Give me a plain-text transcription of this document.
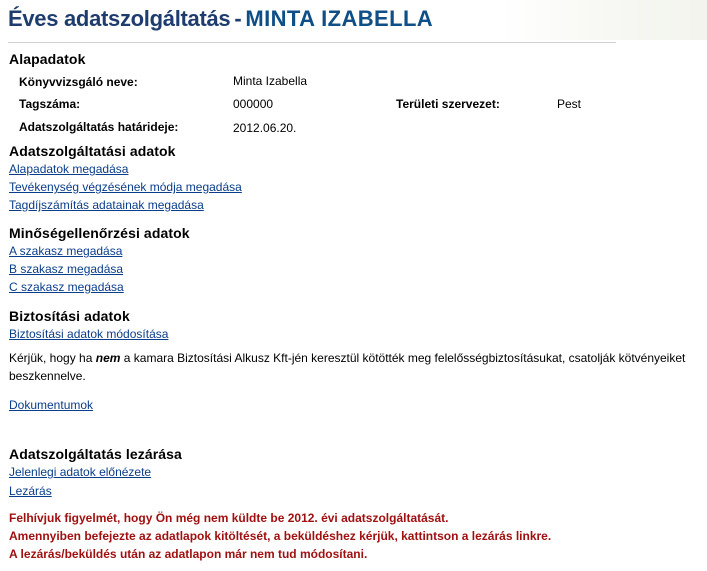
Éves adatszolgáltatás - MINTA IZABELLA
Alapadatok
Könyvvizsgáló neve:	Minta Izabella
Tagszáma:	000000	Területi szervezet:	Pest
Adatszolgáltatás határideje:	2012.06.20.
Adatszolgáltatási adatok
Alapadatok megadása
Tevékenység végzésének módja megadása
Tagdíjszámítás adatainak megadása
Minőségellenőrzési adatok
A szakasz megadása
B szakasz megadása
C szakasz megadása
Biztosítási adatok
Biztosítási adatok módosítása

Kérjük, hogy ha nem a kamara Biztosítási Alkusz Kft-jén keresztül kötötték meg felelősségbiztosításukat, csatolják kötvényeiket beszkennelve.

Dokumentumok
Adatszolgáltatás lezárása
Jelenlegi adatok előnézete
Lezárás
Felhívjuk figyelmét, hogy Ön még nem küldte be 2012. évi adatszolgáltatását.
Amennyiben befejezte az adatlapok kitöltését, a beküldéshez kérjük, kattintson a lezárás linkre.
A lezárás/beküldés után az adatlapon már nem tud módosítani.
